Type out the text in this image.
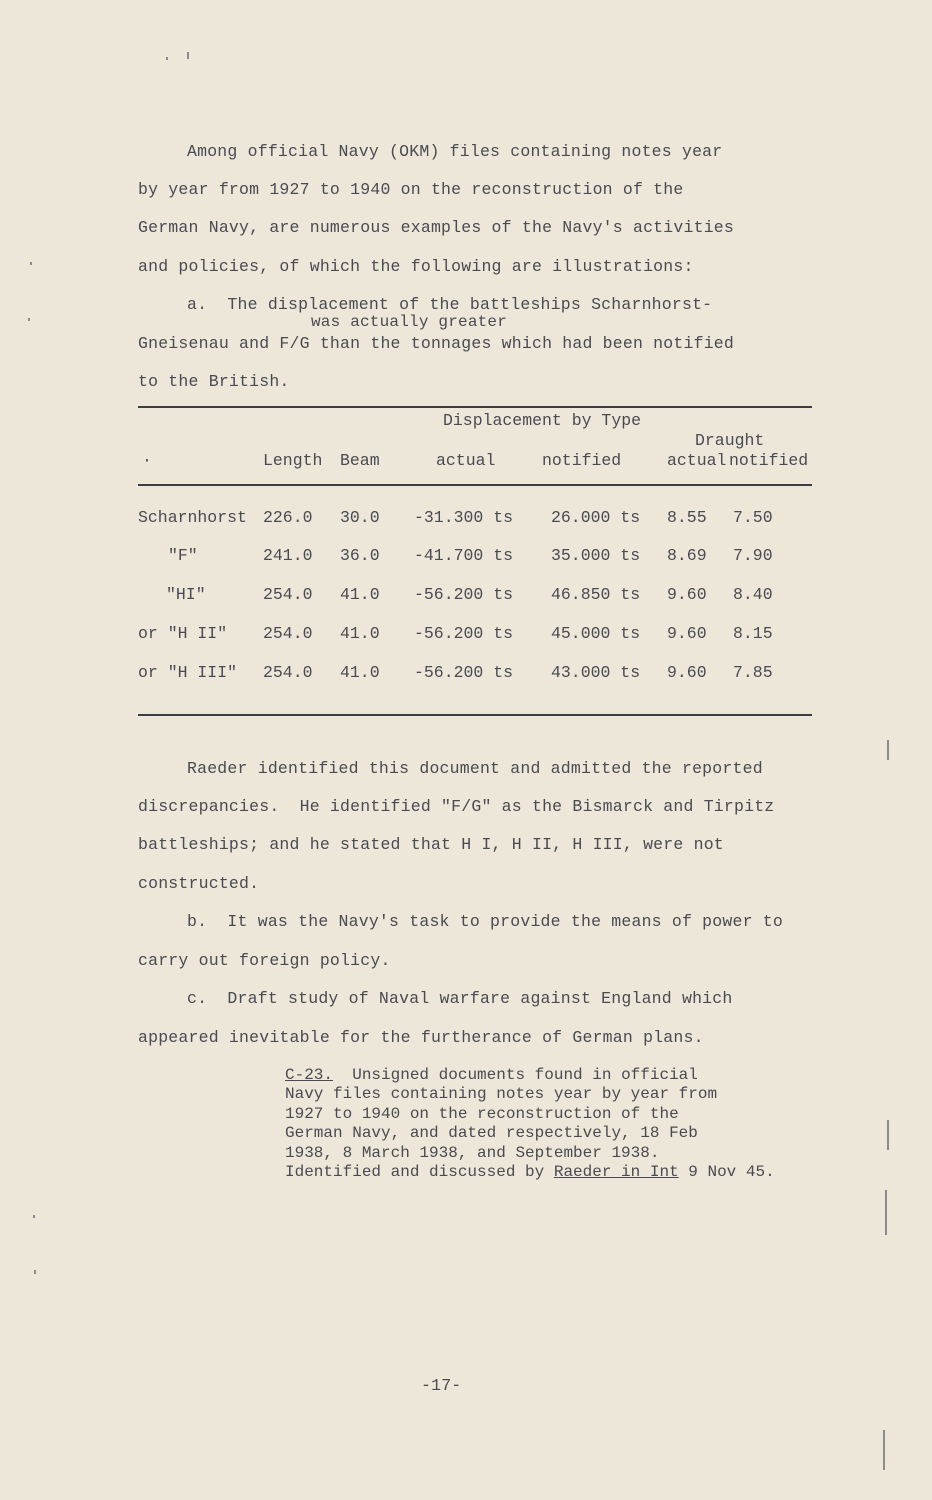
Among official Navy (OKM) files containing notes year
by year from 1927 to 1940 on the reconstruction of the
German Navy, are numerous examples of the Navy's activities
and policies, of which the following are illustrations:
a.  The displacement of the battleships Scharnhorst-
was actually greater
Gneisenau and F/G than the tonnages which had been notified
to the British.
Displacement by Type
Draught
·	Length Beam	actual	notified	actual notified
Scharnhorst 226.0 30.0 -31.300 ts 26.000 ts 8.55 7.50
"F"	241.0 36.0 -41.700 ts 35.000 ts 8.69 7.90
"HI"	254.0 41.0 -56.200 ts 46.850 ts 9.60 8.40
or "H II" 254.0 41.0 -56.200 ts 45.000 ts 9.60 8.15
or "H III" 254.0 41.0 -56.200 ts 43.000 ts 9.60 7.85
Raeder identified this document and admitted the reported
discrepancies.  He identified "F/G" as the Bismarck and Tirpitz
battleships; and he stated that H I, H II, H III, were not
constructed.
b.  It was the Navy's task to provide the means of power to
carry out foreign policy.
c.  Draft study of Naval warfare against England which
appeared inevitable for the furtherance of German plans.
C-23.  Unsigned documents found in official
Navy files containing notes year by year from
1927 to 1940 on the reconstruction of the
German Navy, and dated respectively, 18 Feb
1938, 8 March 1938, and September 1938.
Identified and discussed by Raeder in Int 9 Nov 45.
-17-
